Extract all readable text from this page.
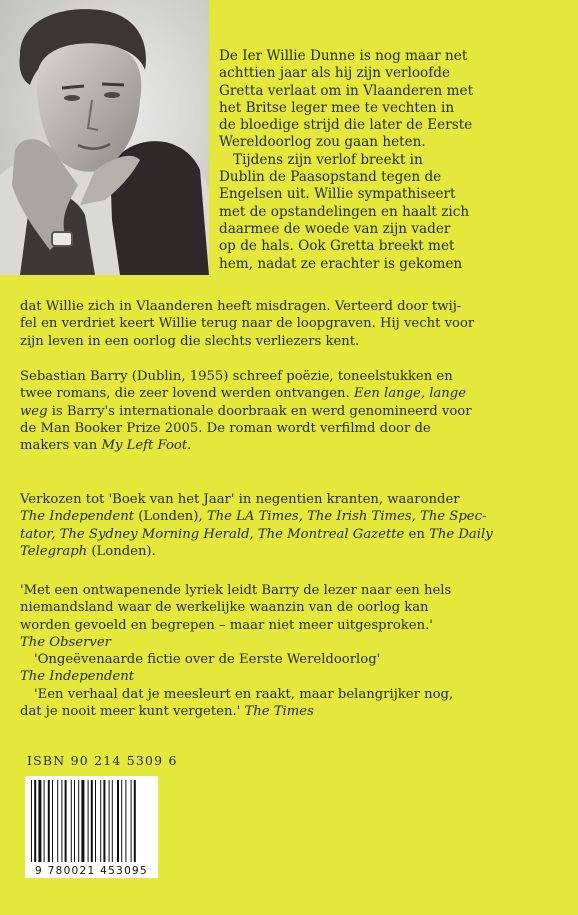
De Ier Willie Dunne is nog maar net
achttien jaar als hij zijn verloofde
Gretta verlaat om in Vlaanderen met
het Britse leger mee te vechten in
de bloedige strijd die later de Eerste
Wereldoorlog zou gaan heten.
Tijdens zijn verlof breekt in
Dublin de Paasopstand tegen de
Engelsen uit. Willie sympathiseert
met de opstandelingen en haalt zich
daarmee de woede van zijn vader
op de hals. Ook Gretta breekt met
hem, nadat ze erachter is gekomen
dat Willie zich in Vlaanderen heeft misdragen. Verteerd door twij-
fel en verdriet keert Willie terug naar de loopgraven. Hij vecht voor
zijn leven in een oorlog die slechts verliezers kent.
Sebastian Barry (Dublin, 1955) schreef poëzie, toneelstukken en
twee romans, die zeer lovend werden ontvangen. Een lange, lange
weg is Barry's internationale doorbraak en werd genomineerd voor
de Man Booker Prize 2005. De roman wordt verfilmd door de
makers van My Left Foot.
Verkozen tot 'Boek van het Jaar' in negentien kranten, waaronder
The Independent (Londen), The LA Times, The Irish Times, The Spec-
tator, The Sydney Morning Herald, The Montreal Gazette en The Daily
Telegraph (Londen).
'Met een ontwapenende lyriek leidt Barry de lezer naar een hels
niemandsland waar de werkelijke waanzin van de oorlog kan
worden gevoeld en begrepen – maar niet meer uitgesproken.'
The Observer
'Ongeëvenaarde fictie over de Eerste Wereldoorlog'
The Independent
'Een verhaal dat je meesleurt en raakt, maar belangrijker nog,
dat je nooit meer kunt vergeten.' The Times
ISBN 90 214 5309 6
9 780021 453095
